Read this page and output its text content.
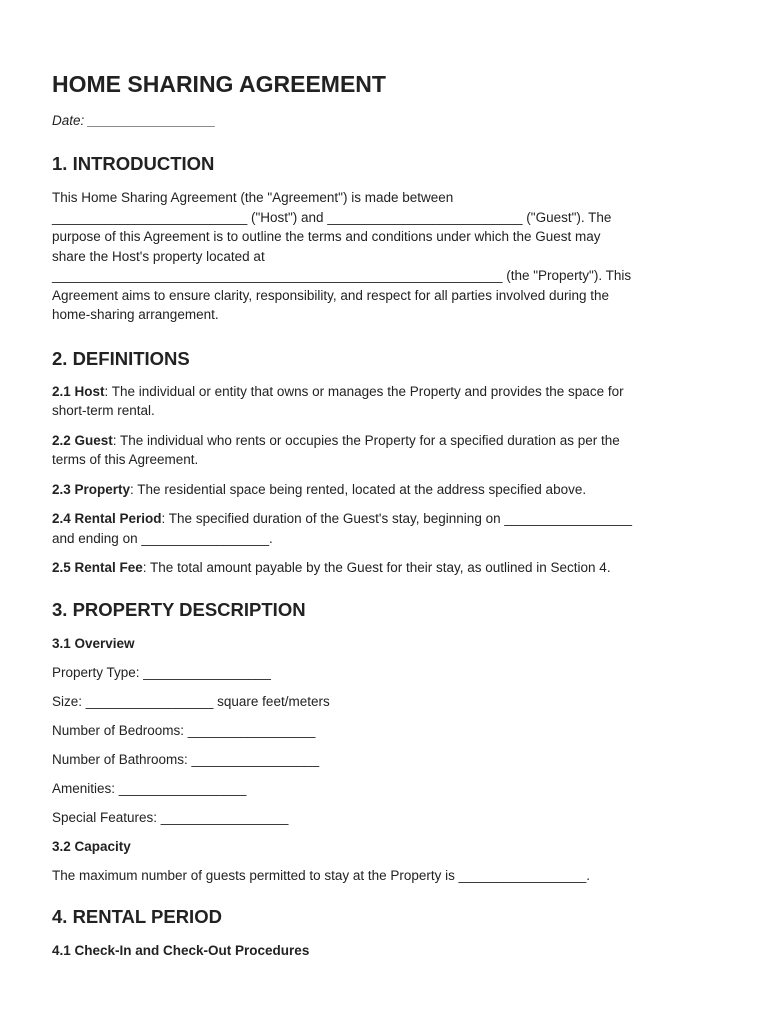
HOME SHARING AGREEMENT

Date: _________________

1. INTRODUCTION
This Home Sharing Agreement (the "Agreement") is made between
__________________________ ("Host") and __________________________ ("Guest"). The
purpose of this Agreement is to outline the terms and conditions under which the Guest may
share the Host's property located at
____________________________________________________________ (the "Property"). This
Agreement aims to ensure clarity, responsibility, and respect for all parties involved during the
home-sharing arrangement.
2. DEFINITIONS
2.1 Host: The individual or entity that owns or manages the Property and provides the space for
short-term rental.
2.2 Guest: The individual who rents or occupies the Property for a specified duration as per the
terms of this Agreement.
2.3 Property: The residential space being rented, located at the address specified above.
2.4 Rental Period: The specified duration of the Guest's stay, beginning on _________________
and ending on _________________.
2.5 Rental Fee: The total amount payable by the Guest for their stay, as outlined in Section 4.
3. PROPERTY DESCRIPTION

3.1 Overview

Property Type: _________________

Size: _________________ square feet/meters

Number of Bedrooms: _________________

Number of Bathrooms: _________________

Amenities: _________________

Special Features: _________________

3.2 Capacity

The maximum number of guests permitted to stay at the Property is _________________.

4. RENTAL PERIOD

4.1 Check-In and Check-Out Procedures
